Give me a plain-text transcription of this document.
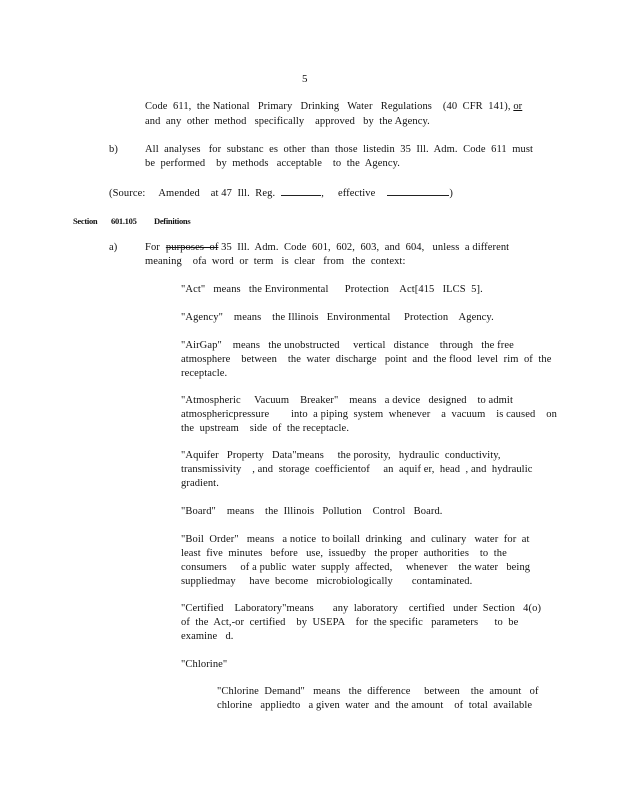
5
Code  611,  the National   Primary   Drinking   Water   Regulations    (40  CFR  141), or
and  any  other  method   specifically    approved   by  the Agency.
b)	All  analyses   for  substanc  es  other  than  those  listedin  35  Ill.  Adm.  Code  611  must
be  performed    by  methods   acceptable    to  the  Agency.
(Source: Amended    at 47  Ill.  Reg.	, effective	)
Section 601.105 Definitions
a)	For purposes  of 35  Ill.  Adm.  Code  601,  602,  603,  and  604,   unless  a different
meaning    ofa  word  or  term   is  clear   from   the  context:
"Act"   means   the Environmental      Protection    Act[415   ILCS  5].
"Agency"    means    the Illinois   Environmental     Protection    Agency.
"AirGap"    means   the unobstructed     vertical   distance    through   the free
atmosphere    between    the  water  discharge   point  and  the flood  level  rim  of  the
receptacle.
"Atmospheric     Vacuum    Breaker"    means   a device   designed    to admit
atmosphericpressure        into  a piping  system  whenever    a  vacuum    is caused    on
the  upstream    side  of  the receptacle.
"Aquifer   Property   Data"means     the porosity,   hydraulic  conductivity,
transmissivity    , and  storage  coefficientof     an  aquif er,  head  , and  hydraulic
gradient.
"Board"    means    the  Illinois   Pollution    Control   Board.
"Boil  Order"   means   a notice  to boilall  drinking   and  culinary   water  for  at
least  five  minutes   before   use,  issuedby   the proper  authorities    to  the
consumers     of a public  water  supply  affected,     whenever    the water   being
suppliedmay     have  become   microbiologically       contaminated.
"Certified    Laboratory"means       any  laboratory    certified   under  Section   4(o)
of  the  Act,-or  certified    by  USEPA    for  the specific   parameters      to  be
examine   d.
"Chlorine"
"Chlorine  Demand"   means   the  difference     between    the  amount   of
chlorine   appliedto   a given  water  and  the amount    of  total  available
